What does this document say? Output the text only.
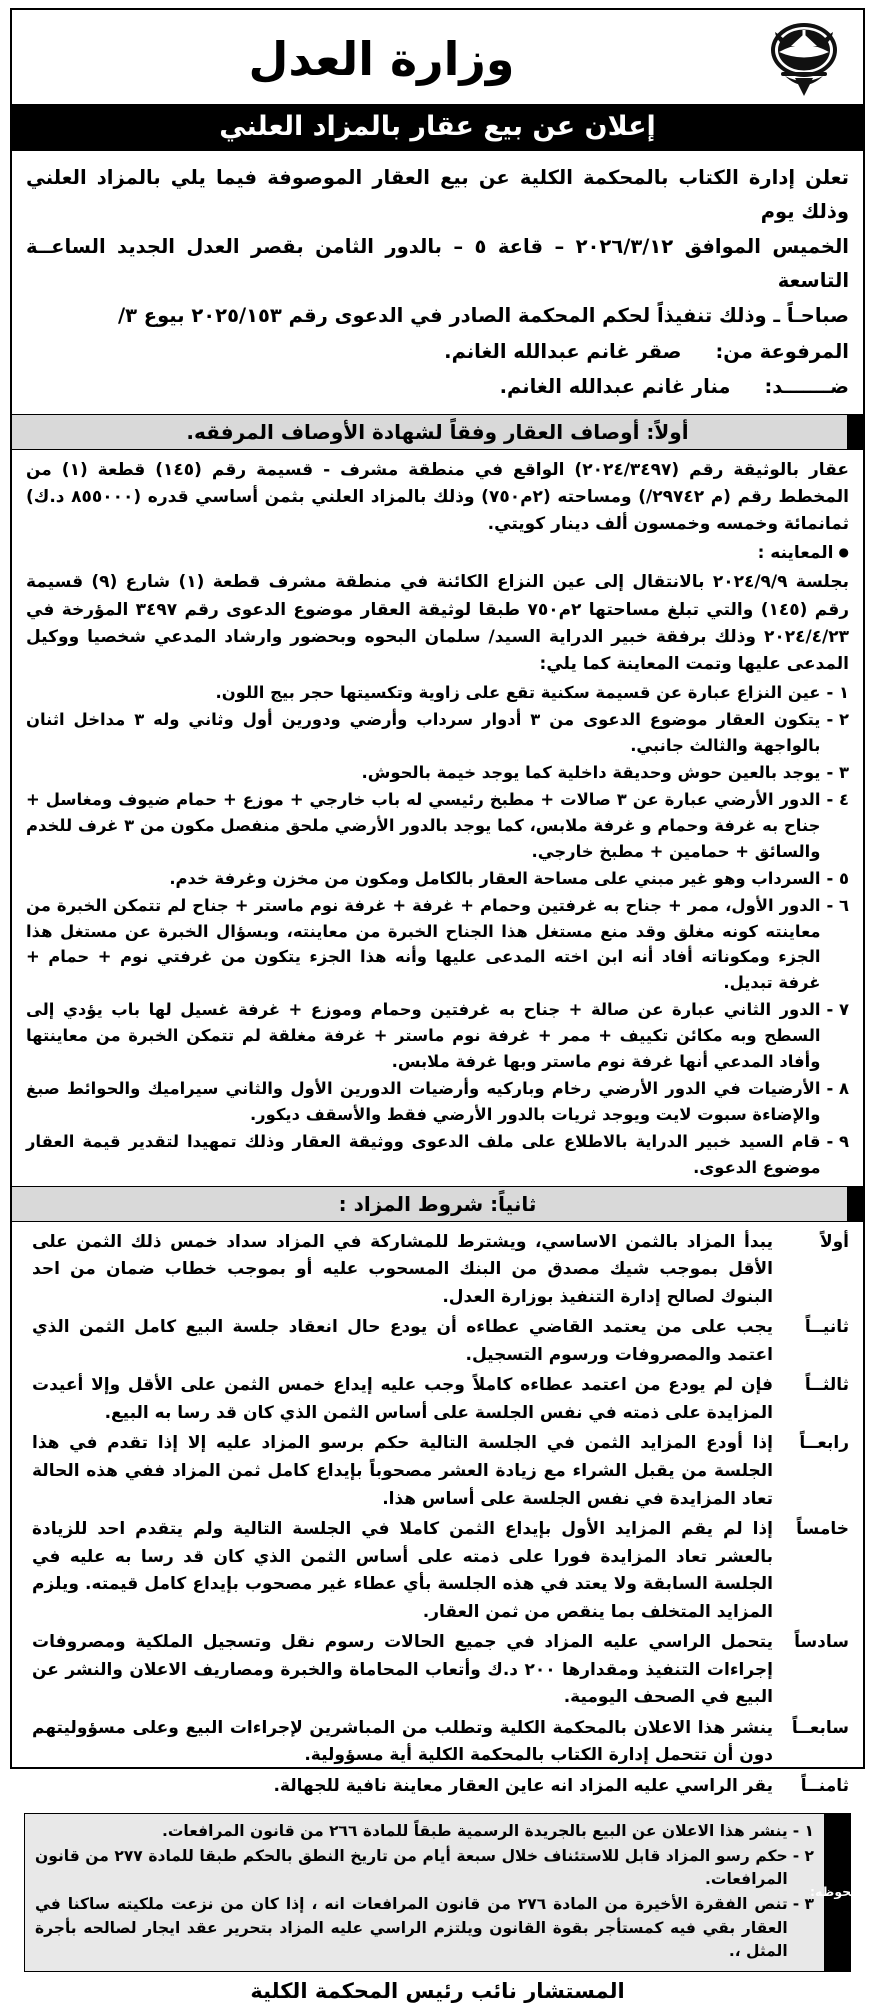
وزارة العدل
إعلان عن بيع عقار بالمزاد العلني

تعلن إدارة الكتاب بالمحكمة الكلية عن بيع العقار الموصوفة فيما يلي بالمزاد العلني وذلك يوم

الخميس الموافق ٢٠٢٦/٣/١٢ – قاعة ٥ – بالدور الثامن بقصر العدل الجديد الساعــة التاسعة

صباحـاً ـ وذلك تنفيذاً لحكم المحكمة الصادر في الدعوى رقم ٢٠٢٥/١٥٣ بيوع ٣/

المرفوعة من:     صقر غانم عبدالله الغانم.

ضـــــــد:     منار غانم عبدالله الغانم.

أولاً: أوصاف العقار وفقاً لشهادة الأوصاف المرفقه.

عقار بالوثيقة رقم (٢٠٢٤/٣٤٩٧) الواقع في منطقة مشرف - قسيمة رقم (١٤٥) قطعة (١) من المخطط رقم (م ٢٩٧٤٢/) ومساحته (٢م٧٥٠) وذلك بالمزاد العلني بثمن أساسي قدره (٨٥٥٠٠٠ د.ك) ثمانمائة وخمسه وخمسون ألف دينار كويتي.

● المعاينه :

بجلسة ٢٠٢٤/٩/٩ بالانتقال إلى عين النزاع الكائنة في منطقة مشرف قطعة (١) شارع (٩) قسيمة رقم (١٤٥) والتي تبلغ مساحتها ٢م٧٥٠ طبقا لوثيقة العقار موضوع الدعوى رقم ٣٤٩٧ المؤرخة في ٢٠٢٤/٤/٢٣ وذلك برفقة خبير الدراية السيد/ سلمان البحوه وبحضور وارشاد المدعي شخصيا ووكيل المدعى عليها وتمت المعاينة كما يلي:

١ -
عين النزاع عبارة عن قسيمة سكنية تقع على زاوية وتكسيتها حجر بيج اللون.
٢ -
يتكون العقار موضوع الدعوى من ٣ أدوار سرداب وأرضي ودورين أول وثاني وله ٣ مداخل اثنان بالواجهة والثالث جانبي.
٣ -
يوجد بالعين حوش وحديقة داخلية كما يوجد خيمة بالحوش.
٤ -
الدور الأرضي عبارة عن ٣ صالات + مطبخ رئيسي له باب خارجي + موزع + حمام ضيوف ومغاسل + جناح به غرفة وحمام و غرفة ملابس، كما يوجد بالدور الأرضي ملحق منفصل مكون من ٣ غرف للخدم والسائق + حمامين + مطبخ خارجي.
٥ -
السرداب وهو غير مبني على مساحة العقار بالكامل ومكون من مخزن وغرفة خدم.
٦ -
الدور الأول، ممر + جناح به غرفتين وحمام + غرفة + غرفة نوم ماستر + جناح لم تتمكن الخبرة من معاينته كونه مغلق وقد منع مستغل هذا الجناح الخبرة من معاينته، وبسؤال الخبرة عن مستغل هذا الجزء ومكوناته أفاد أنه ابن اخته المدعى عليها وأنه هذا الجزء يتكون من غرفتي نوم + حمام + غرفة تبديل.
٧ -
الدور الثاني عبارة عن صالة + جناح به غرفتين وحمام وموزع + غرفة غسيل لها باب يؤدي إلى السطح وبه مكائن تكييف + ممر + غرفة نوم ماستر + غرفة مغلقة لم تتمكن الخبرة من معاينتها وأفاد المدعي أنها غرفة نوم ماستر وبها غرفة ملابس.
٨ -
الأرضيات في الدور الأرضي رخام وباركيه وأرضيات الدورين الأول والثاني سيراميك والحوائط صبغ والإضاءة سبوت لايت ويوجد ثريات بالدور الأرضي فقط والأسقف ديكور.
٩ -
قام السيد خبير الدراية بالاطلاع على ملف الدعوى ووثيقة العقار وذلك تمهيدا لتقدير قيمة العقار موضوع الدعوى.
ثانياً: شروط المزاد :
أولاً
يبدأ المزاد بالثمن الاساسي، ويشترط للمشاركة في المزاد سداد خمس ذلك الثمن على الأقل بموجب شيك مصدق من البنك المسحوب عليه أو بموجب خطاب ضمان من احد البنوك لصالح إدارة التنفيذ بوزارة العدل.
ثانيــاً
يجب على من يعتمد القاضي عطاءه أن يودع حال انعقاد جلسة البيع كامل الثمن الذي اعتمد والمصروفات ورسوم التسجيل.
ثالثــاً
فإن لم يودع من اعتمد عطاءه كاملاً وجب عليه إيداع خمس الثمن على الأقل وإلا أعيدت المزايدة على ذمته في نفس الجلسة على أساس الثمن الذي كان قد رسا به البيع.
رابعــاً
إذا أودع المزايد الثمن في الجلسة التالية حكم برسو المزاد عليه إلا إذا تقدم في هذا الجلسة من يقبل الشراء مع زيادة العشر مصحوباً بإيداع كامل ثمن المزاد ففي هذه الحالة تعاد المزايدة في نفس الجلسة على أساس هذا.
خامساً
إذا لم يقم المزايد الأول بإيداع الثمن كاملا في الجلسة التالية ولم يتقدم احد للزيادة بالعشر تعاد المزايدة فورا على ذمته على أساس الثمن الذي كان قد رسا به عليه في الجلسة السابقة ولا يعتد في هذه الجلسة بأي عطاء غير مصحوب بإيداع كامل قيمته. ويلزم المزايد المتخلف بما ينقص من ثمن العقار.
سادساً
يتحمل الراسي عليه المزاد في جميع الحالات رسوم نقل وتسجيل الملكية ومصروفات إجراءات التنفيذ ومقدارها ٢٠٠ د.ك وأتعاب المحاماة والخبرة ومصاريف الاعلان والنشر عن البيع في الصحف اليومية.
سابعــاً
ينشر هذا الاعلان بالمحكمة الكلية وتطلب من المباشرين لإجراءات البيع وعلى مسؤوليتهم دون أن تتحمل إدارة الكتاب بالمحكمة الكلية أية مسؤولية.
ثامنــاً
يقر الراسي عليه المزاد انه عاين العقار معاينة نافية للجهالة.
ملحوظه:
١ -
ينشر هذا الاعلان عن البيع بالجريدة الرسمية طبقاً للمادة ٢٦٦ من قانون المرافعات.
٢ -
حكم رسو المزاد قابل للاستئناف خلال سبعة أيام من تاريخ النطق بالحكم طبقا للمادة ٢٧٧ من قانون المرافعات.
٣ -
تنص الفقرة الأخيرة من المادة ٢٧٦ من قانون المرافعات انه ، إذا كان من نزعت ملكيته ساكنا في العقار بقي فيه كمستأجر بقوة القانون ويلتزم الراسي عليه المزاد بتحرير عقد ايجار لصالحه بأجرة المثل ،.
المستشار نائب رئيس المحكمة الكلية
